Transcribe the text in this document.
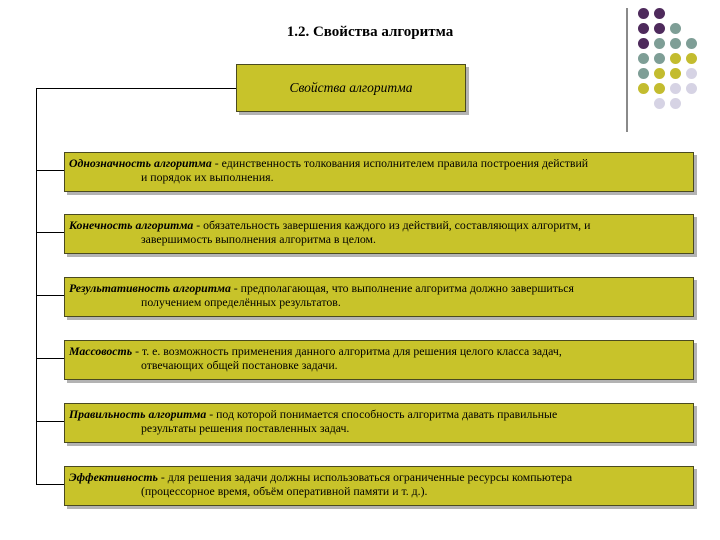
1.2. Свойства алгоритма
Свойства алгоритма

Однозначность алгоритма - единственность толкования исполнителем правила построения действий
и порядок их выполнения.

Конечность алгоритма - обязательность завершения каждого из действий, составляющих алгоритм, и
завершимость выполнения алгоритма в целом.

Результативность алгоритма - предполагающая, что выполнение алгоритма должно завершиться
получением определённых результатов.

Массовость - т. е. возможность применения данного алгоритма для решения целого класса задач,
отвечающих общей постановке задачи.

Правильность алгоритма - под которой понимается способность алгоритма давать правильные
результаты решения поставленных задач.

Эффективность - для решения задачи должны использоваться ограниченные ресурсы компьютера
(процессорное время, объём оперативной памяти и т. д.).
